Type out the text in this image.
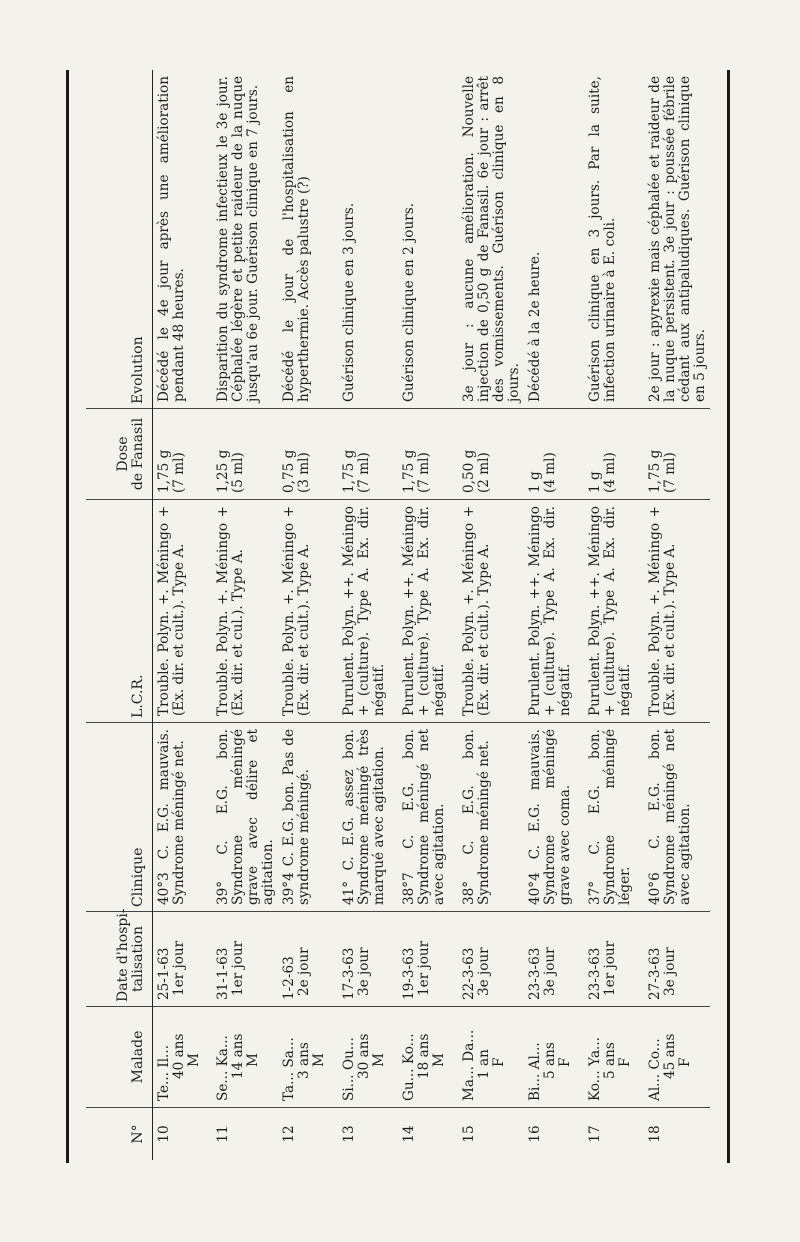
N°	Malade	Date d'hospi- talisation	Clinique	L.C.R.	Dose de Fanasil	Evolution
10	Te... Il... 40 ans M	25-1-63 1er jour	40°3 C. E.G. mauvais. Syndrome méningé net.	Trouble. Polyn. +. Méningo + (Ex. dir. et cult.). Type A.	1,75 g (7 ml)	Décédé le 4e jour après une amélioration pendant 48 heures.

11	Se... Ka... 14 ans M	31-1-63 1er jour	39° C. E.G. bon. Syndrome méningé grave avec délire et agitation.	Trouble. Polyn. +. Méningo + (Ex. dir. et cul.). Type A.	1,25 g (5 ml)	Disparition du syndrome infectieux le 3e jour. Céphalée légère et petite raideur de la nuque jusqu'au 6e jour. Guérison clinique en 7 jours.

12	Ta... Sa... 3 ans M	1-2-63 2e jour	39°4 C. E.G. bon. Pas de syndrome méningé.	Trouble. Polyn. +. Méningo + (Ex. dir. et cult.). Type A.	0,75 g (3 ml)	Décédé le jour de l'hospitalisation en hyperthermie. Accès palustre (?)

13	Si... Ou... 30 ans M	17-3-63 3e jour	41° C. E.G. assez bon. Syndrome méningé très marqué avec agitation.	Purulent. Polyn. ++. Méningo + (culture). Type A. Ex. dir. négatif.	1,75 g (7 ml)	Guérison clinique en 3 jours.

14	Gu... Ko... 18 ans M	19-3-63 1er jour	38°7 C. E.G. bon. Syndrome méningé net avec agitation.	Purulent. Polyn. ++. Méningo + (culture). Type A. Ex. dir. négatif.	1,75 g (7 ml)	Guérison clinique en 2 jours.

15	Ma... Da... 1 an F	22-3-63 3e jour	38° C. E.G. bon. Syndrome méningé net.	Trouble. Polyn. +. Méningo + (Ex. dir. et cult.). Type A.	0,50 g (2 ml)	3e jour : aucune amélioration. Nouvelle injection de 0,50 g de Fanasil. 6e jour : arrêt des vomissements. Guérison clinique en 8 jours.

16	Bi... Al... 5 ans F	23-3-63 3e jour	40°4 C. E.G. mauvais. Syndrome méningé grave avec coma.	Purulent. Polyn. ++. Méningo + (culture). Type A. Ex. dir. négatif.	1 g (4 ml)	Décédé à la 2e heure.

17	Ko... Ya... 5 ans F	23-3-63 1er jour	37° C. E.G. bon. Syndrome méningé léger.	Purulent. Polyn. ++. Méningo + (culture). Type A. Ex. dir. négatif.	1 g (4 ml)	Guérison clinique en 3 jours. Par la suite, infection urinaire à E. coli.

18	Al... Co... 45 ans F	27-3-63 3e jour	40°6 C. E.G. bon. Syndrome méningé net avec agitation.	Trouble. Polyn. +. Méningo + (Ex. dir. et cult.). Type A.	1,75 g (7 ml)	2e jour : apyrexie mais céphalée et raideur de la nuque persistent. 3e jour : poussée fébrile cédant aux antipaludiques. Guérison clinique en 5 jours.
